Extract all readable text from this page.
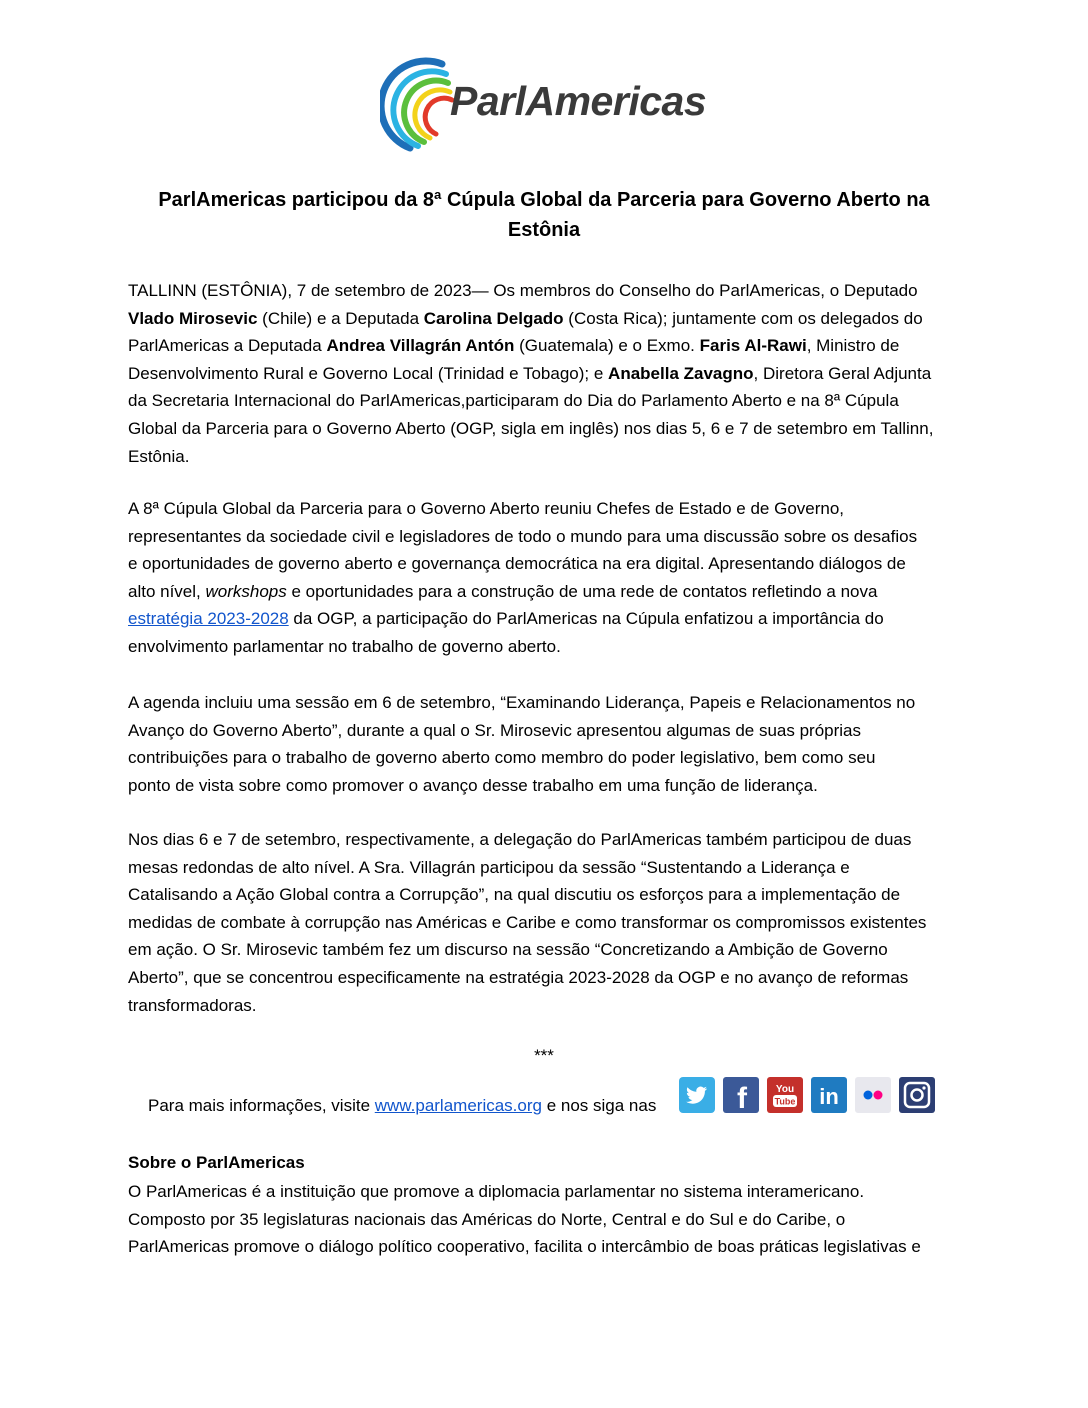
ParlAmericas
ParlAmericas participou da 8ª Cúpula Global da Parceria para Governo Aberto na
Estônia
TALLINN (ESTÔNIA), 7 de setembro de 2023— Os membros do Conselho do ParlAmericas, o Deputado
Vlado Mirosevic (Chile) e a Deputada Carolina Delgado (Costa Rica); juntamente com os delegados do
ParlAmericas a Deputada Andrea Villagrán Antón (Guatemala) e o Exmo. Faris Al-Rawi, Ministro de
Desenvolvimento Rural e Governo Local (Trinidad e Tobago); e Anabella Zavagno, Diretora Geral Adjunta
da Secretaria Internacional do ParlAmericas,participaram do Dia do Parlamento Aberto e na 8ª Cúpula
Global da Parceria para o Governo Aberto (OGP, sigla em inglês) nos dias 5, 6 e 7 de setembro em Tallinn,
Estônia.
A 8ª Cúpula Global da Parceria para o Governo Aberto reuniu Chefes de Estado e de Governo,
representantes da sociedade civil e legisladores de todo o mundo para uma discussão sobre os desafios
e oportunidades de governo aberto e governança democrática na era digital. Apresentando diálogos de
alto nível, workshops e oportunidades para a construção de uma rede de contatos refletindo a nova
estratégia 2023-2028 da OGP, a participação do ParlAmericas na Cúpula enfatizou a importância do
envolvimento parlamentar no trabalho de governo aberto.
A agenda incluiu uma sessão em 6 de setembro, “Examinando Liderança, Papeis e Relacionamentos no
Avanço do Governo Aberto”, durante a qual o Sr. Mirosevic apresentou algumas de suas próprias
contribuições para o trabalho de governo aberto como membro do poder legislativo, bem como seu
ponto de vista sobre como promover o avanço desse trabalho em uma função de liderança.
Nos dias 6 e 7 de setembro, respectivamente, a delegação do ParlAmericas também participou de duas
mesas redondas de alto nível. A Sra. Villagrán participou da sessão “Sustentando a Liderança e
Catalisando a Ação Global contra a Corrupção”, na qual discutiu os esforços para a implementação de
medidas de combate à corrupção nas Américas e Caribe e como transformar os compromissos existentes
em ação. O Sr. Mirosevic também fez um discurso na sessão “Concretizando a Ambição de Governo
Aberto”, que se concentrou especificamente na estratégia 2023-2028 da OGP e no avanço de reformas
transformadoras.
***
Para mais informações, visite www.parlamericas.org e nos siga nas	f	You
Tube in
Sobre o ParlAmericas
O ParlAmericas é a instituição que promove a diplomacia parlamentar no sistema interamericano.
Composto por 35 legislaturas nacionais das Américas do Norte, Central e do Sul e do Caribe, o
ParlAmericas promove o diálogo político cooperativo, facilita o intercâmbio de boas práticas legislativas e
